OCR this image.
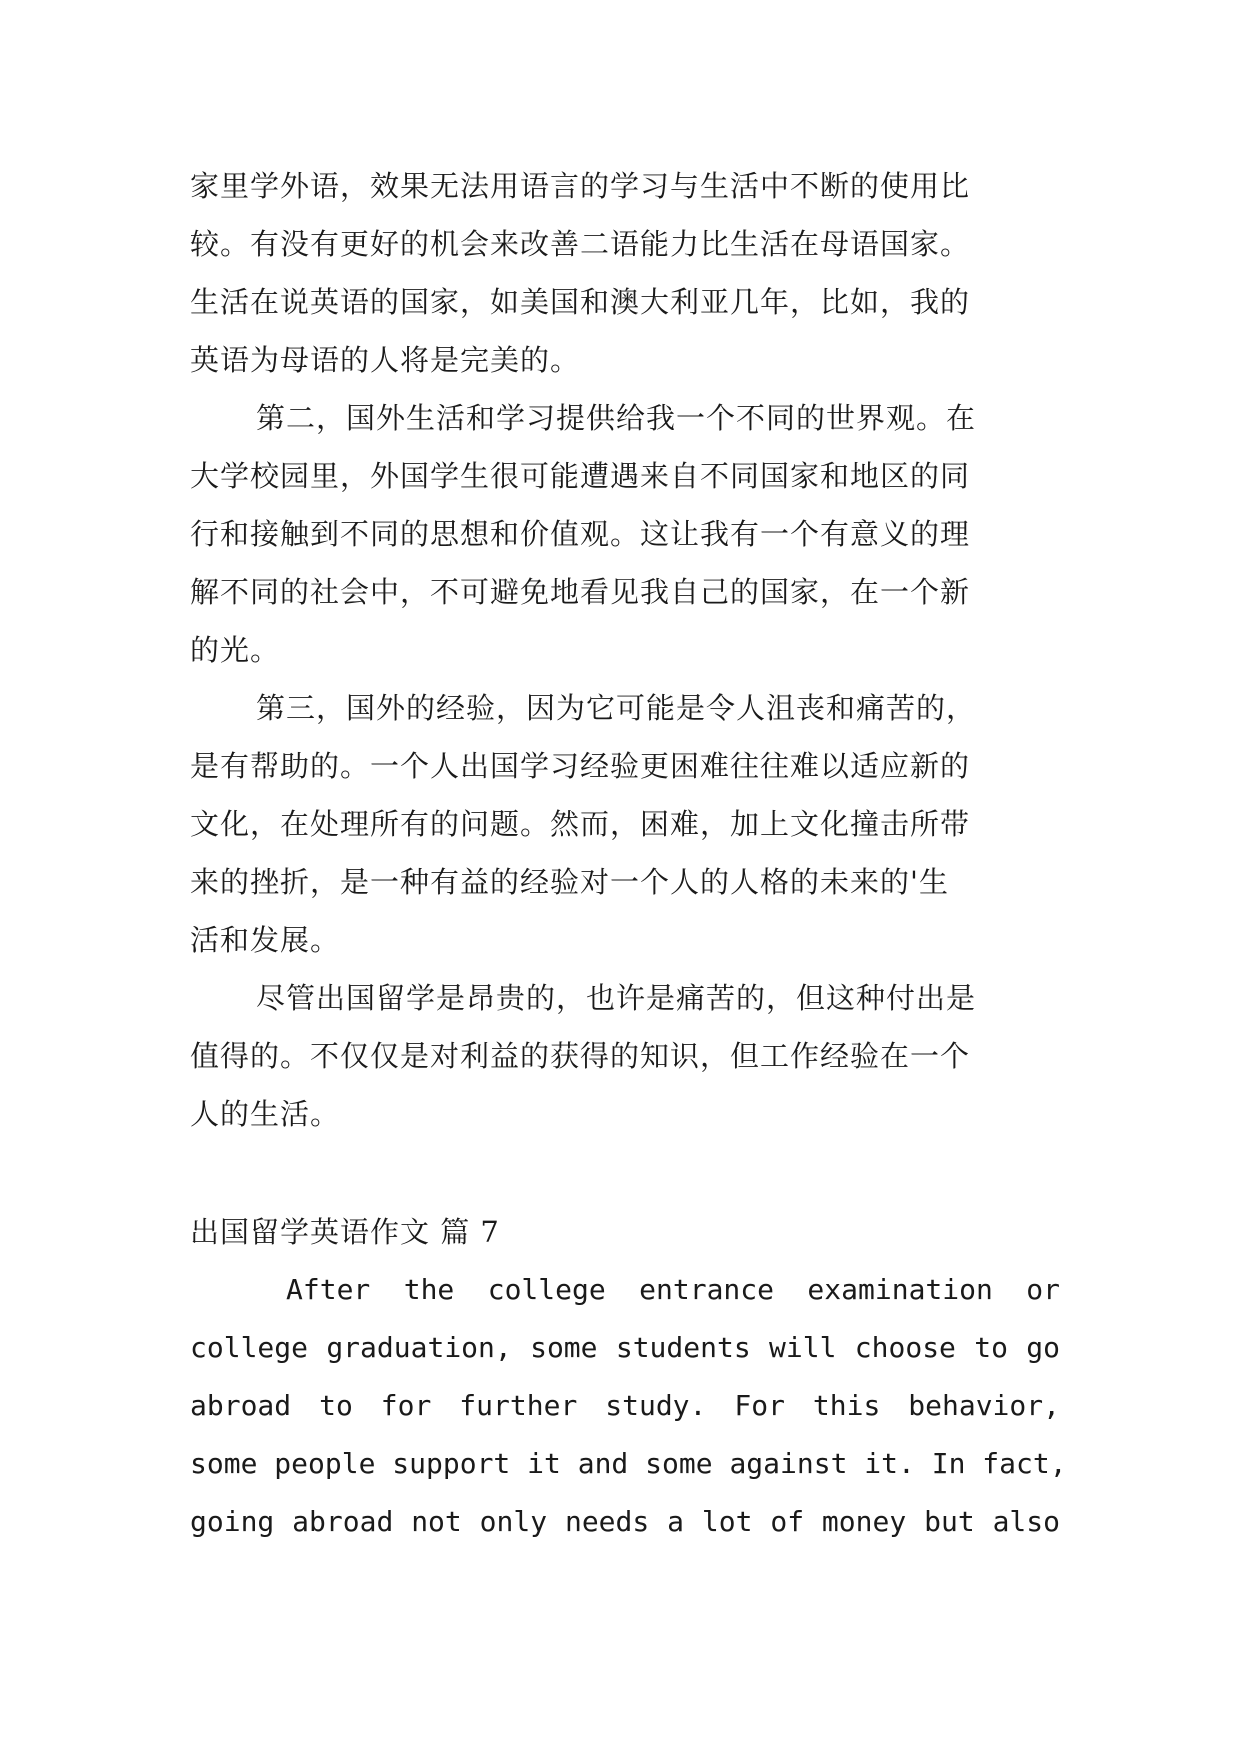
家里学外语，效果无法用语言的学习与生活中不断的使用比
较。有没有更好的机会来改善二语能力比生活在母语国家。
生活在说英语的国家，如美国和澳大利亚几年，比如，我的
英语为母语的人将是完美的。
第二，国外生活和学习提供给我一个不同的世界观。在
大学校园里，外国学生很可能遭遇来自不同国家和地区的同
行和接触到不同的思想和价值观。这让我有一个有意义的理
解不同的社会中，不可避免地看见我自己的国家，在一个新
的光。
第三，国外的经验，因为它可能是令人沮丧和痛苦的，
是有帮助的。一个人出国学习经验更困难往往难以适应新的
文化，在处理所有的问题。然而，困难，加上文化撞击所带
来的挫折，是一种有益的经验对一个人的人格的未来的'生
活和发展。
尽管出国留学是昂贵的，也许是痛苦的，但这种付出是
值得的。不仅仅是对利益的获得的知识，但工作经验在一个
人的生活。
出国留学英语作文 篇 7
After the college entrance examination or
college graduation, some students will choose to go
abroad to for further study. For this behavior,
some people support it and some against it. In fact,
going abroad not only needs a lot of money but also
